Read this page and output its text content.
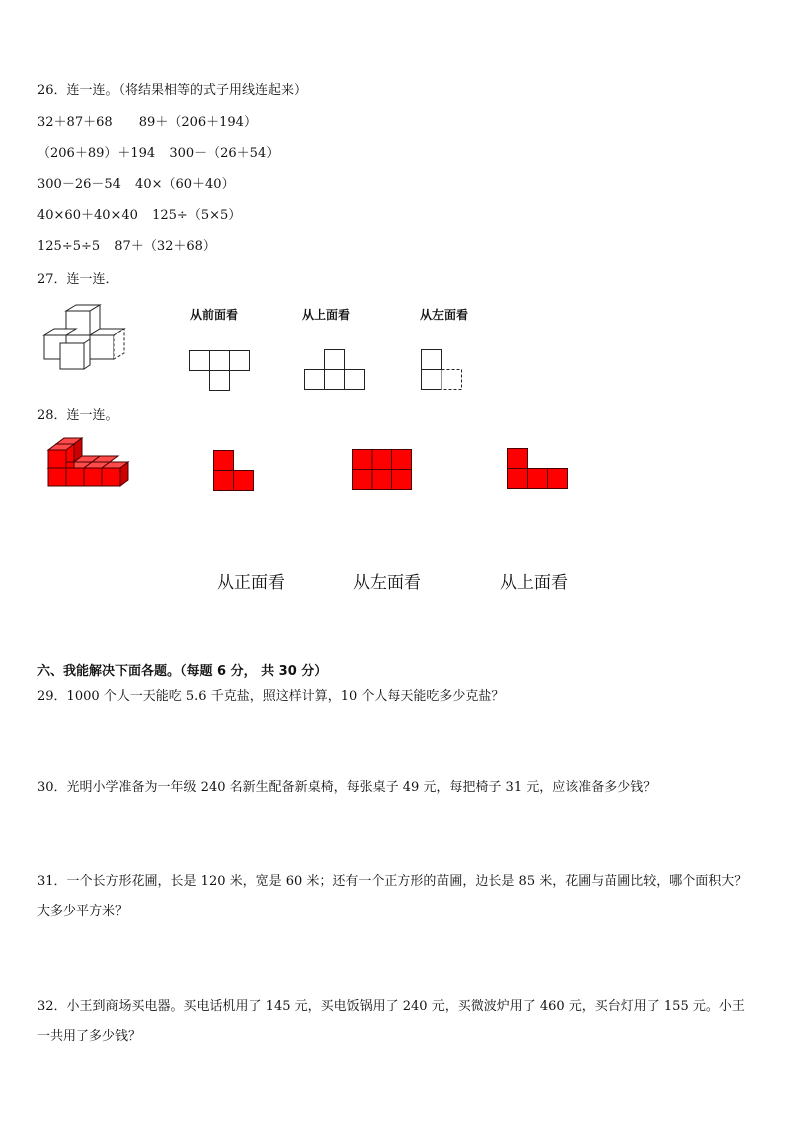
26．连一连。（将结果相等的式子用线连起来）
32＋87＋68 89＋（206＋194）
（206＋89）＋194 300－（26＋54）
300－26－54 40×（60＋40）
40×60＋40×40 125÷（5×5）
125÷5÷5 87＋（32＋68）
27．连一连．
从前面看	从上面看	从左面看
28．连一连。
从正面看	从左面看	从上面看
六、我能解决下面各题。（每题 6 分， 共 30 分）
29．1000 个人一天能吃 5.6 千克盐，照这样计算，10 个人每天能吃多少克盐？
30．光明小学准备为一年级 240 名新生配备新桌椅，每张桌子 49 元，每把椅子 31 元，应该准备多少钱？
31．一个长方形花圃，长是 120 米，宽是 60 米；还有一个正方形的苗圃，边长是 85 米，花圃与苗圃比较，哪个面积大？大多少平方米？
32．小王到商场买电器。买电话机用了 145 元，买电饭锅用了 240 元，买微波炉用了 460 元，买台灯用了 155 元。小王一共用了多少钱？
